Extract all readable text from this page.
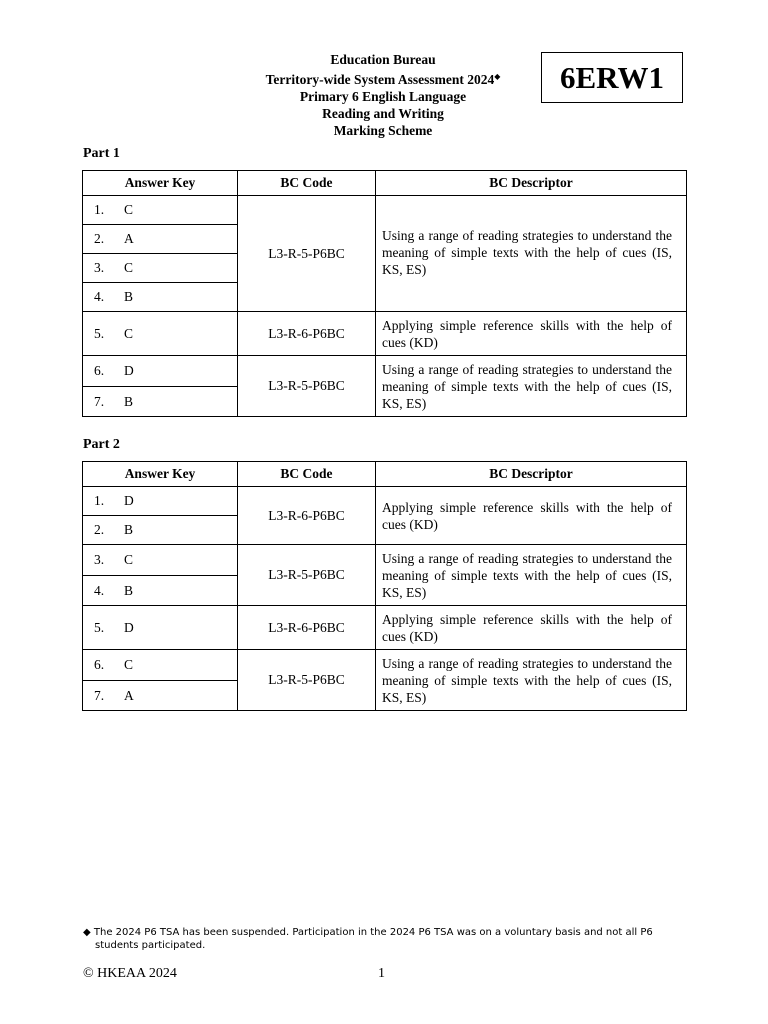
Education Bureau
Territory-wide System Assessment 2024◆
Primary 6 English Language
Reading and Writing
Marking Scheme
6ERW1
Part 1
Answer Key	BC Code	BC Descriptor
1. C	L3-R-5-P6BC	Using a range of reading strategies to understand the meaning of simple texts with the help of cues (IS, KS, ES)
2. A		
3. C		
4. B		
5. C	L3-R-6-P6BC	Applying simple reference skills with the help of cues (KD)
6. D	L3-R-5-P6BC	Using a range of reading strategies to understand the meaning of simple texts with the help of cues (IS, KS, ES)
7. B		
Part 2
Answer Key	BC Code	BC Descriptor
1. D	L3-R-6-P6BC	Applying simple reference skills with the help of cues (KD)
2. B		
3. C	L3-R-5-P6BC	Using a range of reading strategies to understand the meaning of simple texts with the help of cues (IS, KS, ES)
4. B		
5. D	L3-R-6-P6BC	Applying simple reference skills with the help of cues (KD)
6. C	L3-R-5-P6BC	Using a range of reading strategies to understand the meaning of simple texts with the help of cues (IS, KS, ES)
7. A		
◆ The 2024 P6 TSA has been suspended. Participation in the 2024 P6 TSA was on a voluntary basis and not all P6 students participated.
© HKEAA 2024	1
